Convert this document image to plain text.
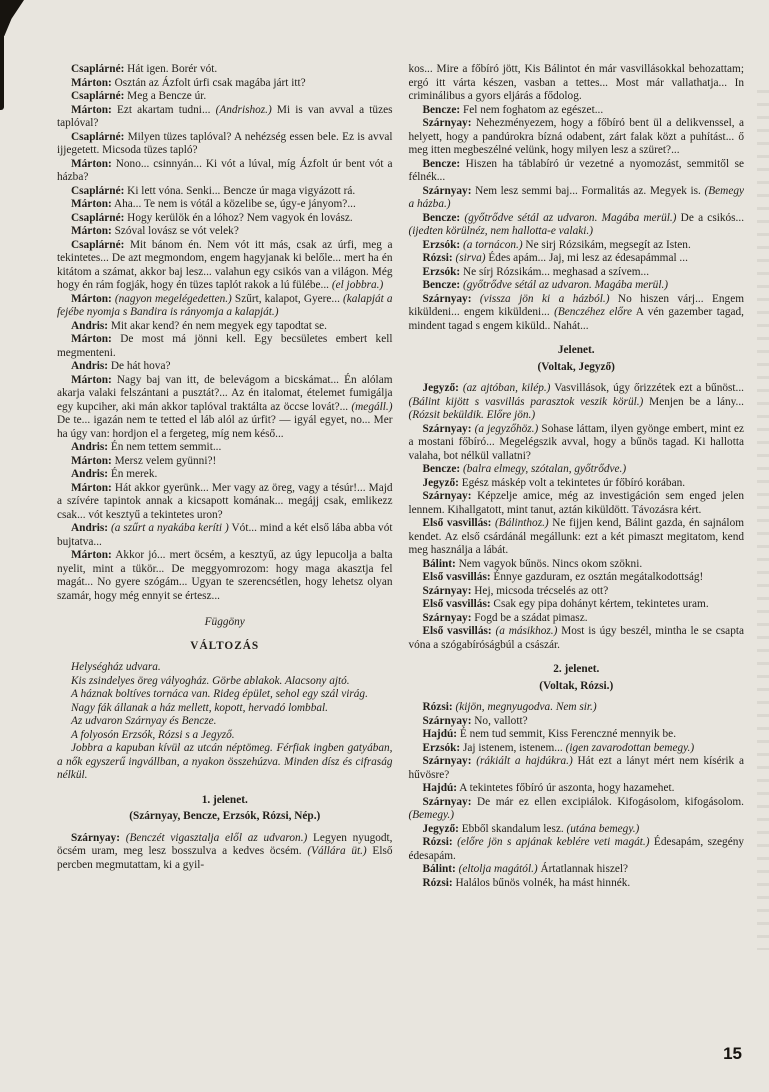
Csaplárné: Hát igen. Borér vót.

Márton: Osztán az Ázfolt úrfi csak magába járt itt?

Csaplárné: Meg a Bencze úr.

Márton: Ezt akartam tudni... (Andrishoz.) Mi is van avval a tüzes taplóval?

Csaplárné: Milyen tüzes taplóval? A nehézség essen bele. Ez is avval ijjegetett. Micsoda tüzes tapló?

Márton: Nono... csinnyán... Ki vót a lúval, míg Ázfolt úr bent vót a házba?

Csaplárné: Ki lett vóna. Senki... Bencze úr maga vigyázott rá.

Márton: Aha... Te nem is vótál a közelibe se, úgy-e jányom?...

Csaplárné: Hogy kerülök én a lóhoz? Nem vagyok én lovász.

Márton: Szóval lovász se vót velek?

Csaplárné: Mit bánom én. Nem vót itt más, csak az úrfi, meg a tekintetes... De azt megmondom, engem hagyjanak ki belőle... mert ha én kitátom a számat, akkor baj lesz... valahun egy csikós van a világon. Még hogy én rám fogják, hogy én tüzes taplót rakok a lú fülébe... (el jobbra.)

Márton: (nagyon megelégedetten.) Szűrt, kalapot, Gyere... (kalapját a fejébe nyomja s Bandira is rányomja a kalapját.)

Andris: Mit akar kend? én nem megyek egy tapodtat se.

Márton: De most má jönni kell. Egy becsületes embert kell megmenteni.

Andris: De hát hova?

Márton: Nagy baj van itt, de belevágom a bicskámat... Én alólam akarja valaki felszántani a pusztát?... Az én italomat, ételemet fumigálja egy kupciher, aki mán akkor taplóval traktálta az öccse lovát?... (megáll.) De te... igazán nem te tetted el láb alól az úrfit? — igyál egyet, no... Mer ha úgy van: hordjon el a fergeteg, míg nem késő...

Andris: Én nem tettem semmit...

Márton: Mersz velem gyünni?!

Andris: Én merek.

Márton: Hát akkor gyerünk... Mer vagy az öreg, vagy a tésúr!... Majd a szívére tapintok annak a kicsapott komának... megájj csak, emlikezz csak... vót kesztyű a tekintetes uron?

Andris: (a szűrt a nyakába keríti ) Vót... mind a két első lába abba vót bujtatva...

Márton: Akkor jó... mert öcsém, a kesztyű, az úgy lepucolja a balta nyelit, mint a tükör... De meggyomrozom: hogy maga akasztja fel magát... No gyere szógám... Ugyan te szerencsétlen, hogy lehetsz olyan szamár, hogy még ennyit se értesz...

Függöny

VÁLTOZÁS

Helységház udvara.

Kis zsindelyes öreg vályogház. Görbe ablakok. Alacsony ajtó.

A háznak boltíves tornáca van. Rideg épület, sehol egy szál virág.

Nagy fák állanak a ház mellett, kopott, hervadó lombbal.

Az udvaron Szárnyay és Bencze.

A folyosón Erzsók, Rózsi s a Jegyző.

Jobbra a kapuban kívül az utcán néptömeg. Férfiak ingben gatyában, a nők egyszerű ingvállban, a nyakon összehúzva. Minden dísz és cifraság nélkül.

1. jelenet.

(Szárnyay, Bencze, Erzsók, Rózsi, Nép.)

Szárnyay: (Benczét vigasztalja elől az udvaron.) Legyen nyugodt, öcsém uram, meg lesz bosszulva a kedves öcsém. (Vállára üt.) Első percben megmutattam, ki a gyil-

kos... Mire a főbíró jött, Kis Bálintot én már vasvillásokkal behozattam; ergó itt várta készen, vasban a tettes... Most már vallathatja... In criminálibus a gyors eljárás a fődolog.

Bencze: Fel nem foghatom az egészet...

Szárnyay: Nehezményezem, hogy a főbíró bent ül a delikvenssel, a helyett, hogy a pandúrokra bízná odabent, zárt falak közt a puhítást... ő meg itten megbeszélné velünk, hogy milyen lesz a szüret?...

Bencze: Hiszen ha táblabíró úr vezetné a nyomozást, semmitől se félnék...

Szárnyay: Nem lesz semmi baj... Formalitás az. Megyek is. (Bemegy a házba.)

Bencze: (győtrődve sétál az udvaron. Magába merül.) De a csikós... (ijedten körülnéz, nem hallotta-e valaki.)

Erzsók: (a tornácon.) Ne sirj Rózsikám, megsegít az Isten.

Rózsi: (sirva) Édes apám... Jaj, mi lesz az édesapámmal ...

Erzsók: Ne sírj Rózsikám... meghasad a szívem...

Bencze: (győtrődve sétál az udvaron. Magába merül.)

Szárnyay: (vissza jön ki a házból.) No hiszen várj... Engem kiküldeni... engem kiküldeni... (Benczéhez előre A vén gazember tagad, mindent tagad s engem kiküld.. Nahát...

Jelenet.

(Voltak, Jegyző)

Jegyző: (az ajtóban, kilép.) Vasvillások, úgy őrizzétek ezt a bűnöst... (Bálint kijött s vasvillás parasztok veszik körül.) Menjen be a lány... (Rózsit beküldik. Előre jön.)

Szárnyay: (a jegyzőhöz.) Sohase láttam, ilyen gyönge embert, mint ez a mostani főbíró... Megelégszik avval, hogy a bűnös tagad. Ki hallotta valaha, bot nélkül vallatni?

Bencze: (balra elmegy, szótalan, győtrődve.)

Jegyző: Egész máskép volt a tekintetes úr főbíró korában.

Szárnyay: Képzelje amice, még az investigáción sem enged jelen lennem. Kihallgatott, mint tanut, aztán kiküldött. Távozásra kért.

Első vasvillás: (Bálinthoz.) Ne fijjen kend, Bálint gazda, én sajnálom kendet. Az első csárdánál megállunk: ezt a két pimaszt megitatom, kend meg használja a lábát.

Bálint: Nem vagyok bűnös. Nincs okom szökni.

Első vasvillás: Énnye gazduram, ez osztán megátalkodottság!

Szárnyay: Hej, micsoda trécselés az ott?

Első vasvillás: Csak egy pipa dohányt kértem, tekintetes uram.

Szárnyay: Fogd be a szádat pimasz.

Első vasvillás: (a másikhoz.) Most is úgy beszél, mintha le se csapta vóna a szógabíróságbúl a császár.

2. jelenet.

(Voltak, Rózsi.)

Rózsi: (kijön, megnyugodva. Nem sir.)

Szárnyay: No, vallott?

Hajdú: É nem tud semmit, Kiss Ferenczné mennyik be.

Erzsók: Jaj istenem, istenem... (igen zavarodottan bemegy.)

Szárnyay: (rákiált a hajdúkra.) Hát ezt a lányt mért nem kísérik a hűvösre?

Hajdú: A tekintetes főbíró úr aszonta, hogy hazamehet.

Szárnyay: De már ez ellen excipiálok. Kifogásolom, kifogásolom. (Bemegy.)

Jegyző: Ebből skandalum lesz. (utána bemegy.)

Rózsi: (előre jön s apjának keblére veti magát.) Édesapám, szegény édesapám.

Bálint: (eltolja magától.) Ártatlannak hiszel?

Rózsi: Halálos bűnös volnék, ha mást hinnék.

15
